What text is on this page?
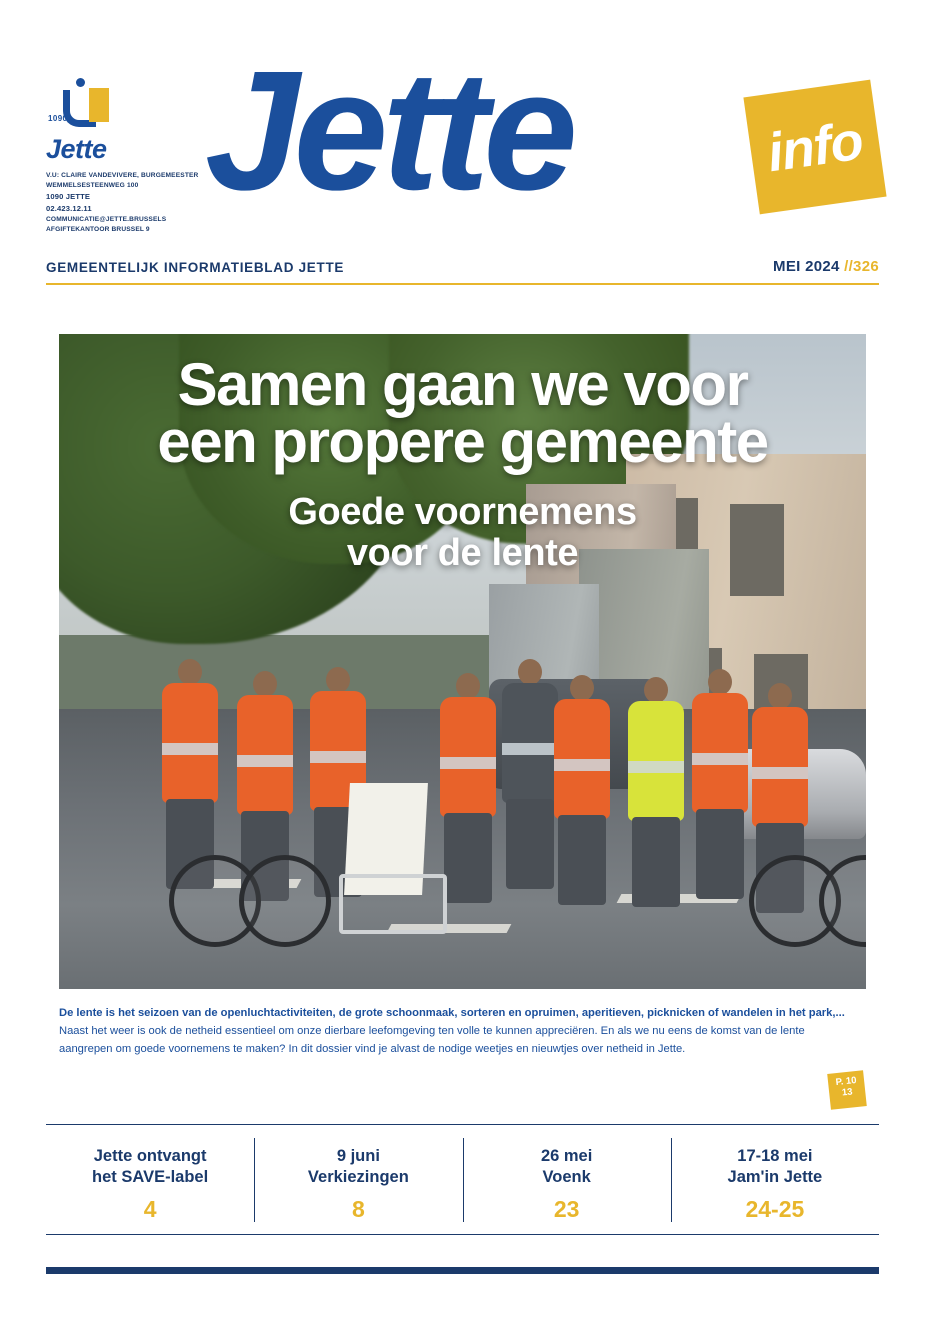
1090
Jette
V.U: CLAIRE VANDEVIVERE, BURGEMEESTER
WEMMELSESTEENWEG 100
1090 JETTE
02.423.12.11
COMMUNICATIE@JETTE.BRUSSELS
AFGIFTEKANTOOR BRUSSEL 9
Jette	info
GEMEENTELIJK INFORMATIEBLAD JETTE	MEI 2024 //326
Samen gaan we voor
een propere gemeente
Goede voornemens
voor de lente
De lente is het seizoen van de openluchtactiviteiten, de grote schoonmaak, sorteren en opruimen, aperitieven, picknicken of wandelen in het park,... Naast het weer is ook de netheid essentieel om onze dierbare leefomgeving ten volle te kunnen appreciëren. En als we nu eens de komst van de lente aangrepen om goede voornemens te maken? In dit dossier vind je alvast de nodige weetjes en nieuwtjes over netheid in Jette.
P. 10
13
Jette ontvangt
het SAVE-label
4
9 juni
Verkiezingen
8
26 mei
Voenk
23
17-18 mei
Jam'in Jette
24-25
